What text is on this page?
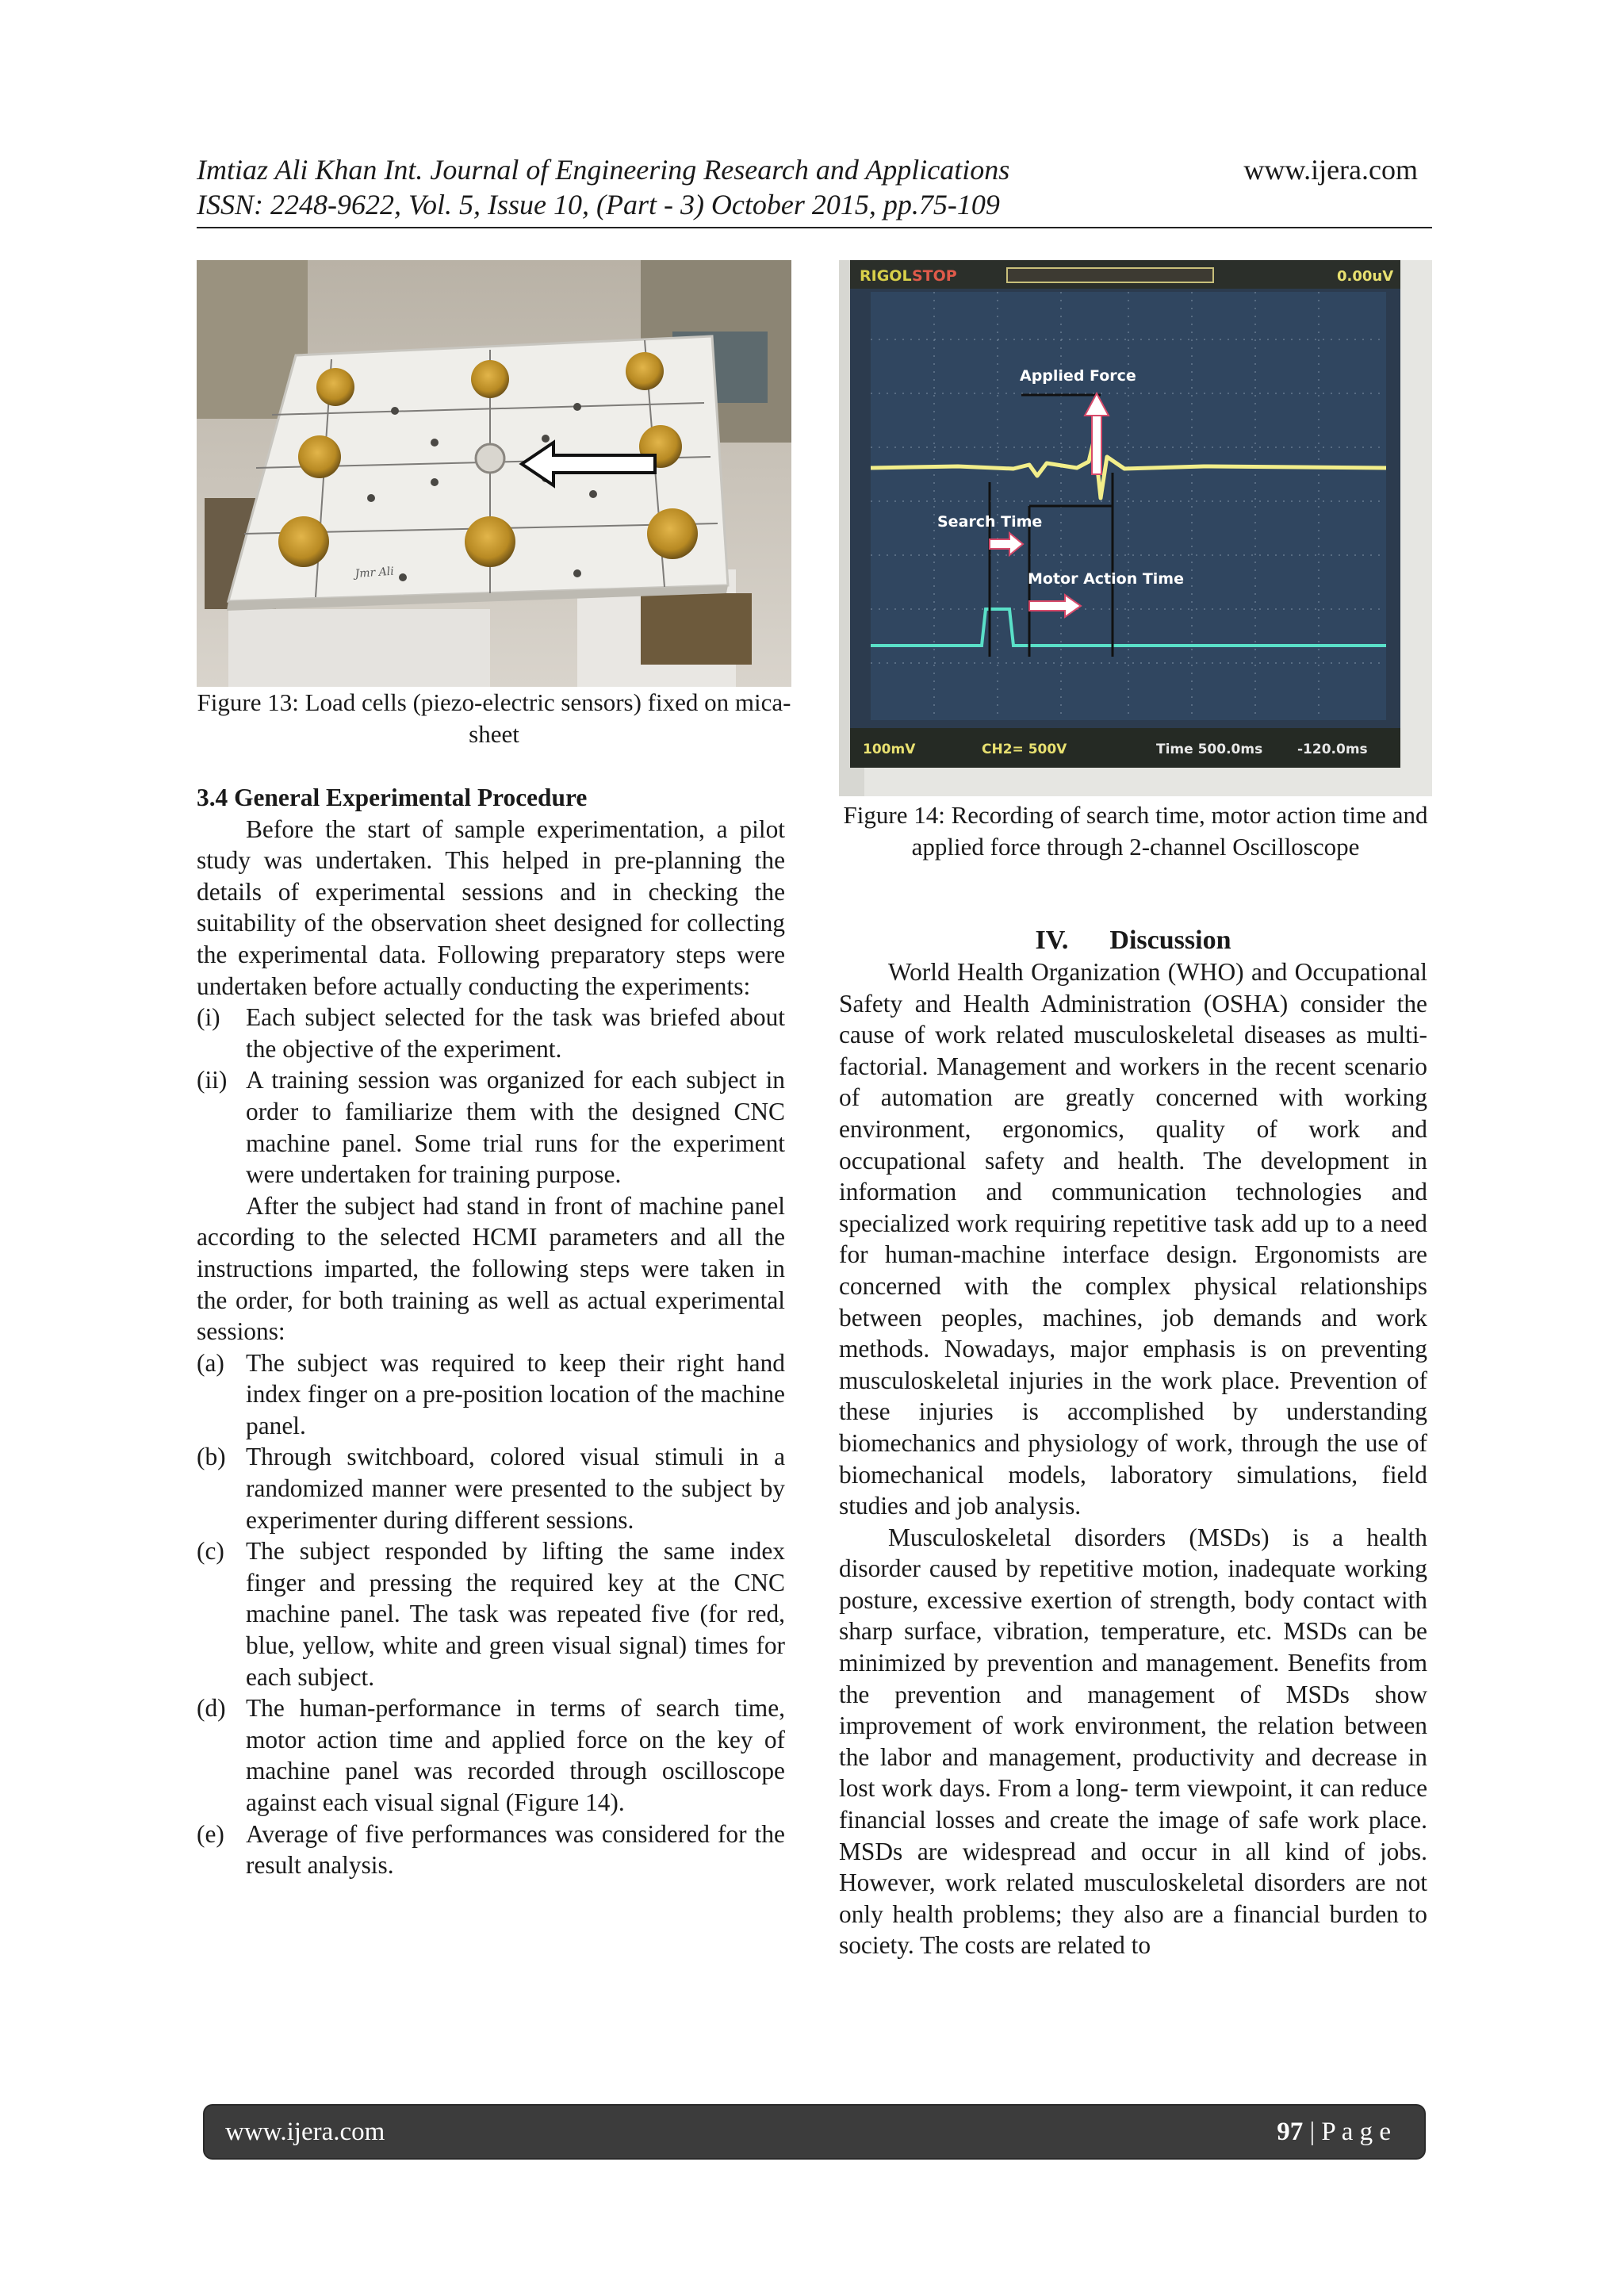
Imtiaz Ali Khan Int. Journal of Engineering Research and Applications	www.ijera.com
ISSN: 2248-9622, Vol. 5, Issue 10, (Part - 3) October 2015, pp.75-109
Jmr Ali
Figure 13: Load cells (piezo-electric sensors) fixed on mica-sheet
RIGOL STOP	0.00uV
Applied Force
Search Time
Motor Action Time
100mV	CH2= 500V	Time 500.0ms	-120.0ms
Figure 14: Recording of search time, motor action time and applied force through 2-channel Oscilloscope

3.4 General Experimental Procedure

Before the start of sample experimentation, a pilot study was undertaken. This helped in pre-planning the details of experimental sessions and in checking the suitability of the observation sheet designed for collecting the experimental data. Following preparatory steps were undertaken before actually conducting the experiments:

(i)	Each subject selected for the task was briefed about the objective of the experiment.
(ii) A training session was organized for each subject in order to familiarize them with the designed CNC machine panel. Some trial runs for the experiment were undertaken for training purpose.

After the subject had stand in front of machine panel according to the selected HCMI parameters and all the instructions imparted, the following steps were taken in the order, for both training as well as actual experimental sessions:

(a) The subject was required to keep their right hand index finger on a pre-position location of the machine panel.
(b) Through switchboard, colored visual stimuli in a randomized manner were presented to the subject by experimenter during different sessions.
(c) The subject responded by lifting the same index finger and pressing the required key at the CNC machine panel. The task was repeated five (for red, blue, yellow, white and green visual signal) times for each subject.
(d) The human-performance in terms of search time, motor action time and applied force on the key of machine panel was recorded through oscilloscope against each visual signal (Figure 14).
(e) Average of five performances was considered for the result analysis.
IV. Discussion

World Health Organization (WHO) and Occupational Safety and Health Administration (OSHA) consider the cause of work related musculoskeletal diseases as multi-factorial. Management and workers in the recent scenario of automation are greatly concerned with working environment, ergonomics, quality of work and occupational safety and health. The development in information and communication technologies and specialized work requiring repetitive task add up to a need for human-machine interface design. Ergonomists are concerned with the complex physical relationships between peoples, machines, job demands and work methods. Nowadays, major emphasis is on preventing musculoskeletal injuries in the work place. Prevention of these injuries is accomplished by understanding biomechanics and physiology of work, through the use of biomechanical models, laboratory simulations, field studies and job analysis.

Musculoskeletal disorders (MSDs) is a health disorder caused by repetitive motion, inadequate working posture, excessive exertion of strength, body contact with sharp surface, vibration, temperature, etc. MSDs can be minimized by prevention and management. Benefits from the prevention and management of MSDs show improvement of work environment, the relation between the labor and management, productivity and decrease in lost work days. From a long- term viewpoint, it can reduce financial losses and create the image of safe work place. MSDs are widespread and occur in all kind of jobs. However, work related musculoskeletal disorders are not only health problems; they also are a financial burden to society. The costs are related to

www.ijera.com	97 | P a g e
